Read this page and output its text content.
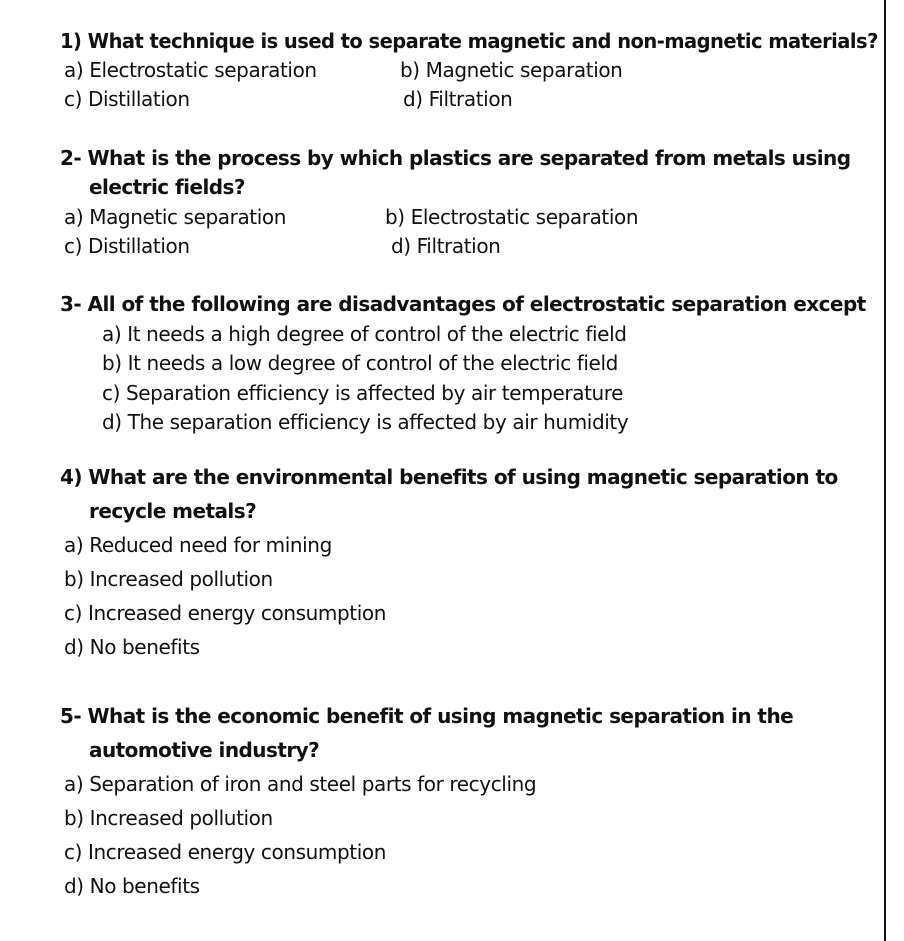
1) What technique is used to separate magnetic and non-magnetic materials?
a) Electrostatic separation	b) Magnetic separation
c) Distillation	d) Filtration
2- What is the process by which plastics are separated from metals using
electric fields?
a) Magnetic separation	b) Electrostatic separation
c) Distillation	d) Filtration
3- All of the following are disadvantages of electrostatic separation except
a) It needs a high degree of control of the electric field
b) It needs a low degree of control of the electric field
c) Separation efficiency is affected by air temperature
d) The separation efficiency is affected by air humidity
4) What are the environmental benefits of using magnetic separation to
recycle metals?
a) Reduced need for mining
b) Increased pollution
c) Increased energy consumption
d) No benefits
5- What is the economic benefit of using magnetic separation in the
automotive industry?
a) Separation of iron and steel parts for recycling
b) Increased pollution
c) Increased energy consumption
d) No benefits
